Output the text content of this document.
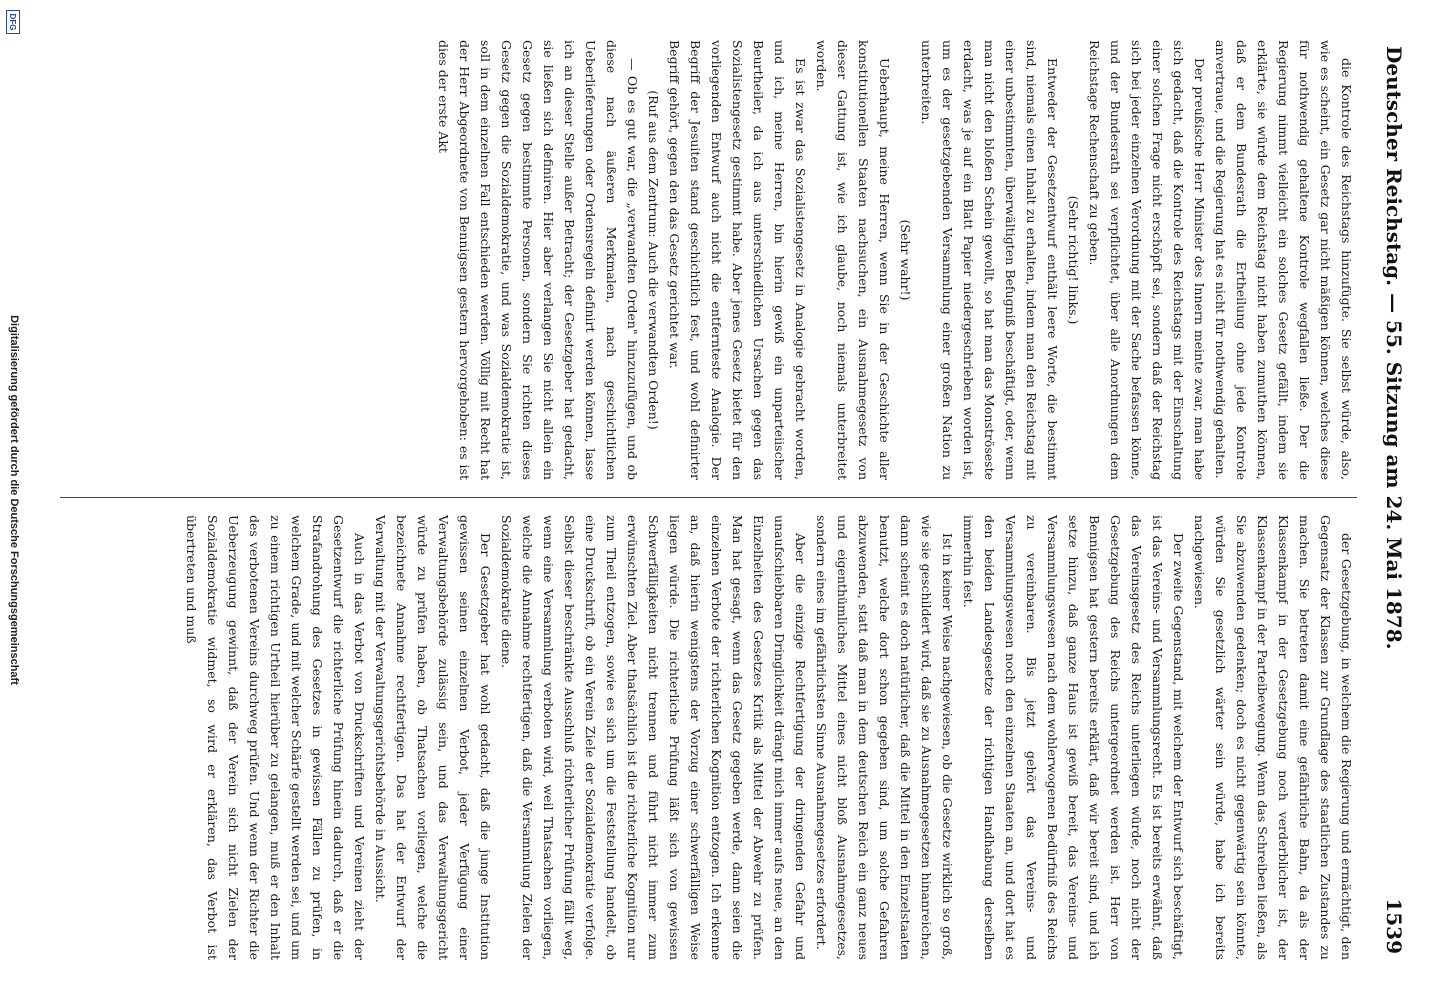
Deutscher Reichstag. — 55. Sitzung am 24. Mai 1878.
1539

die Kontrole des Reichstags hinzufügte. Sie selbst würde, also, wie es scheint, ein Gesetz gar nicht mäßigen können, welches diese für nothwendig gehaltene Kontrole wegfallen ließe. Der die Regierung nimmt vielleicht ein solches Gesetz gefällt, indem sie erklärte, sie würde dem Reichstag nicht haben zumuthen können, daß er dem Bundesrath die Ertheilung ohne jede Kontrole anvertraue, und die Regierung hat es nicht für nothwendig gehalten.

Der preußische Herr Minister des Innern meinte zwar, man habe sich gedacht, daß die Kontrole des Reichstags mit der Einschaltung einer solchen Frage nicht erschöpft sei, sondern daß der Reichstag sich bei jeder einzelnen Verordnung mit der Sache befassen könne, und der Bundesrath sei verpflichtet, über alle Anordnungen dem Reichstage Rechenschaft zu geben.

(Sehr richtig! links.)

Entweder der Gesetzentwurf enthält leere Worte, die bestimmt sind, niemals einen Inhalt zu erhalten, indem man den Reichstag mit einer unbestimmten, überwältigten Befugniß beschäftigt, oder, wenn man nicht den bloßen Schein gewollt, so hat man das Monströseste erdacht, was je auf ein Blatt Papier niedergeschrieben worden ist, um es der gesetzgebenden Versammlung einer großen Nation zu unterbreiten.

(Sehr wahr!)

Ueberhaupt, meine Herren, wenn Sie in der Geschichte aller konstitutionellen Staaten nachsuchen, ein Ausnahmegesetz von dieser Gattung ist, wie ich glaube, noch niemals unterbreitet worden.

Es ist zwar das Sozialistengesetz in Analogie gebracht worden, und ich, meine Herren, bin hierin gewiß ein unparteiischer Beurtheiler, da ich aus unterschiedlichen Ursachen gegen das Sozialistengesetz gestimmt habe. Aber jenes Gesetz bietet für den vorliegenden Entwurf auch nicht die entfernteste Analogie. Der Begriff der Jesuiten stand geschichtlich fest, und wohl definirter Begriff gehört, gegen den das Gesetz gerichtet war.

(Ruf aus dem Zentrum: Auch die verwandten Orden!)

— Ob es gut war, die „verwandten Orden" hinzuzufügen, und ob diese nach äußeren Merkmalen, nach geschichtlichen Ueberlieferungen oder Ordensregeln definirt werden können, lasse ich an dieser Stelle außer Betracht; der Gesetzgeber hat gedacht, sie ließen sich definiren. Hier aber verlangen Sie nicht allein ein Gesetz gegen bestimmte Personen, sondern Sie richten dieses Gesetz gegen die Sozialdemokratie, und was Sozialdemokratie ist, soll in dem einzelnen Fall entschieden werden. Völlig mit Recht hat der Herr Abgeordnete von Bennigsen gestern hervorgehoben: es ist dies der erste Akt

der Gesetzgebung, in welchem die Regierung und ermächtigt, den Gegensatz der Klassen zur Grundlage des staatlichen Zustandes zu machen. Sie betreten damit eine gefährliche Bahn, da als der Klassenkampf in der Gesetzgebung noch verderblicher ist, der Klassenkampf in der Parteibewegung. Wenn das Schreiben ließen, als Sie abzuwenden gedenken; doch es nicht gegenwärtig sein könnte, würden Sie gesetzlich wärter sein würde, habe ich bereits nachgewiesen.

Der zweite Gegenstand, mit welchem der Entwurf sich beschäftigt, ist das Vereins- und Versammlungsrecht. Es ist bereits erwähnt, daß das Vereinsgesetz des Reichs unterliegen würde, noch nicht der Gesetzgebung des Reichs untergeordnet werden ist. Herr von Bennigsen hat gestern bereits erklärt, daß wir bereit sind, und ich setze hinzu, daß ganze Haus ist gewiß bereit, das Vereins- und Versammlungswesen nach dem wohlerwogenen Bedürfniß des Reichs zu vereinbaren. Bis jetzt gehört das Vereins- und Versammlungswesen noch den einzelnen Staaten an, und dort hat es den beiden Landesgesetze der richtigen Handhabung derselben immerhin fest.

Ist in keiner Weise nachgewiesen, ob die Gesetze wirklich so groß, wie sie geschildert wird, daß sie zu Ausnahmegesetzen hinanreichen, dann scheint es doch natürlicher, daß die Mittel in den Einzelstaaten benutzt, welche dort schon gegeben sind, um solche Gefahren abzuwenden, statt daß man in dem deutschen Reich ein ganz neues und eigenthümliches Mittel eines nicht bloß Ausnahmegesetzes, sondern eines im gefährlichsten Sinne Ausnahmegesetzes erfordert.

Aber die einzige Rechtfertigung der dringenden Gefahr und unaufschiebbaren Dringlichkeit drängt mich immer aufs neue, an den Einzelheiten des Gesetzes Kritik als Mittel der Abwehr zu prüfen. Man hat gesagt, wenn das Gesetz gegeben werde, dann seien die einzelnen Verbote der richterlichen Kognition entzogen. Ich erkenne an, daß hierin wenigstens der Vorzug einer schwerfälligen Weise liegen würde. Die richterliche Prüfung läßt sich von gewissen Schwerfälligkeiten nicht trennen und führt nicht immer zum erwünschten Ziel. Aber thatsächlich ist die richterliche Kognition nur zum Theil entzogen, sowie es sich um die Feststellung handelt, ob eine Druckschrift, ob ein Verein Ziele der Sozialdemokratie verfolge. Selbst dieser beschränkte Ausschluß richterlicher Prüfung fällt weg, wenn eine Versammlung verboten wird, weil Thatsachen vorliegen, welche die Annahme rechtfertigen, daß die Versammlung Zielen der Sozialdemokratie diene.

Der Gesetzgeber hat wohl gedacht, daß die junge Institution gewissen seinen einzelnen Verbot, jeder Verfügung einer Verwaltungsbehörde zulässig sein, und das Verwaltungsgericht würde zu prüfen haben, ob Thatsachen vorliegen, welche die bezeichnete Annahme rechtfertigen. Das hat der Entwurf der Verwaltung mit der Verwaltungsgerichtsbehörde in Aussicht.

Auch in das Verbot von Druckschriften und Vereinen zieht der Gesetzentwurf die richterliche Prüfung hinein dadurch, daß er die Strafandrohung des Gesetzes in gewissen Fällen zu prüfen, in welchem Grade, und mit welcher Schärfe gestellt werden sei, und um zu einem richtigen Urtheil hierüber zu gelangen, muß er den Inhalt des verbotenen Vereins durchweg prüfen. Und wenn der Richter die Ueberzeugung gewinnt, daß der Verein sich nicht Zielen der Sozialdemokratie widmet, so wird er erklären, das Verbot ist übertreten und muß

Digitalisierung gefördert durch die Deutsche Forschungsgemeinschaft
DFG
